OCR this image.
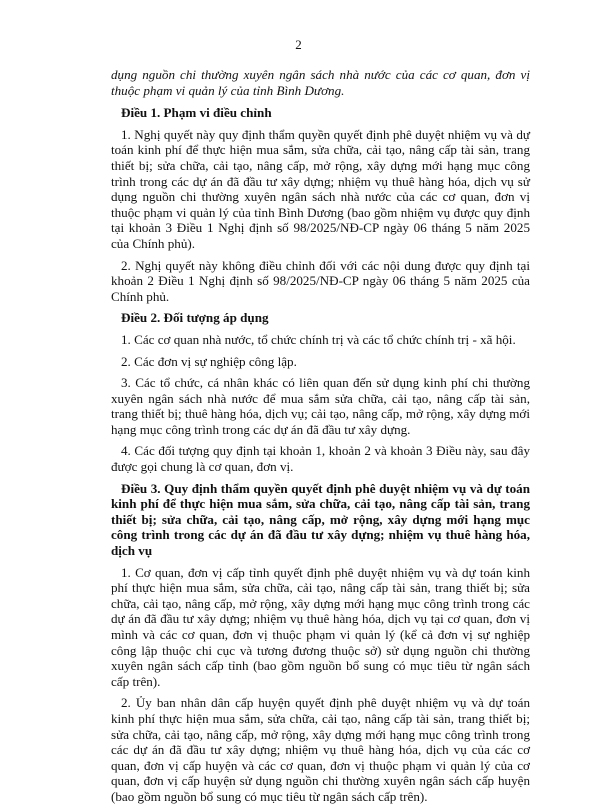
2

dụng nguồn chi thường xuyên ngân sách nhà nước của các cơ quan, đơn vị thuộc phạm vi quản lý của tỉnh Bình Dương.

Điều 1. Phạm vi điều chỉnh

1. Nghị quyết này quy định thẩm quyền quyết định phê duyệt nhiệm vụ và dự toán kinh phí để thực hiện mua sắm, sửa chữa, cải tạo, nâng cấp tài sản, trang thiết bị; sửa chữa, cải tạo, nâng cấp, mở rộng, xây dựng mới hạng mục công trình trong các dự án đã đầu tư xây dựng; nhiệm vụ thuê hàng hóa, dịch vụ sử dụng nguồn chi thường xuyên ngân sách nhà nước của các cơ quan, đơn vị thuộc phạm vi quản lý của tỉnh Bình Dương (bao gồm nhiệm vụ được quy định tại khoản 3 Điều 1 Nghị định số 98/2025/NĐ-CP ngày 06 tháng 5 năm 2025 của Chính phủ).

2. Nghị quyết này không điều chỉnh đối với các nội dung được quy định tại khoản 2 Điều 1 Nghị định số 98/2025/NĐ-CP ngày 06 tháng 5 năm 2025 của Chính phủ.

Điều 2. Đối tượng áp dụng

1. Các cơ quan nhà nước, tổ chức chính trị và các tổ chức chính trị - xã hội.

2. Các đơn vị sự nghiệp công lập.

3. Các tổ chức, cá nhân khác có liên quan đến sử dụng kinh phí chi thường xuyên ngân sách nhà nước để mua sắm sửa chữa, cải tạo, nâng cấp tài sản, trang thiết bị; thuê hàng hóa, dịch vụ; cải tạo, nâng cấp, mở rộng, xây dựng mới hạng mục công trình trong các dự án đã đầu tư xây dựng.

4. Các đối tượng quy định tại khoản 1, khoản 2 và khoản 3 Điều này, sau đây được gọi chung là cơ quan, đơn vị.

Điều 3. Quy định thẩm quyền quyết định phê duyệt nhiệm vụ và dự toán kinh phí để thực hiện mua sắm, sửa chữa, cải tạo, nâng cấp tài sản, trang thiết bị; sửa chữa, cải tạo, nâng cấp, mở rộng, xây dựng mới hạng mục công trình trong các dự án đã đầu tư xây dựng; nhiệm vụ thuê hàng hóa, dịch vụ

1. Cơ quan, đơn vị cấp tỉnh quyết định phê duyệt nhiệm vụ và dự toán kinh phí thực hiện mua sắm, sửa chữa, cải tạo, nâng cấp tài sản, trang thiết bị; sửa chữa, cải tạo, nâng cấp, mở rộng, xây dựng mới hạng mục công trình trong các dự án đã đầu tư xây dựng; nhiệm vụ thuê hàng hóa, dịch vụ tại cơ quan, đơn vị mình và các cơ quan, đơn vị thuộc phạm vi quản lý (kể cả đơn vị sự nghiệp công lập thuộc chi cục và tương đương thuộc sở) sử dụng nguồn chi thường xuyên ngân sách cấp tỉnh (bao gồm nguồn bổ sung có mục tiêu từ ngân sách cấp trên).

2. Ủy ban nhân dân cấp huyện quyết định phê duyệt nhiệm vụ và dự toán kinh phí thực hiện mua sắm, sửa chữa, cải tạo, nâng cấp tài sản, trang thiết bị; sửa chữa, cải tạo, nâng cấp, mở rộng, xây dựng mới hạng mục công trình trong các dự án đã đầu tư xây dựng; nhiệm vụ thuê hàng hóa, dịch vụ của các cơ quan, đơn vị cấp huyện và các cơ quan, đơn vị thuộc phạm vi quản lý của cơ quan, đơn vị cấp huyện sử dụng nguồn chi thường xuyên ngân sách cấp huyện (bao gồm nguồn bổ sung có mục tiêu từ ngân sách cấp trên).
